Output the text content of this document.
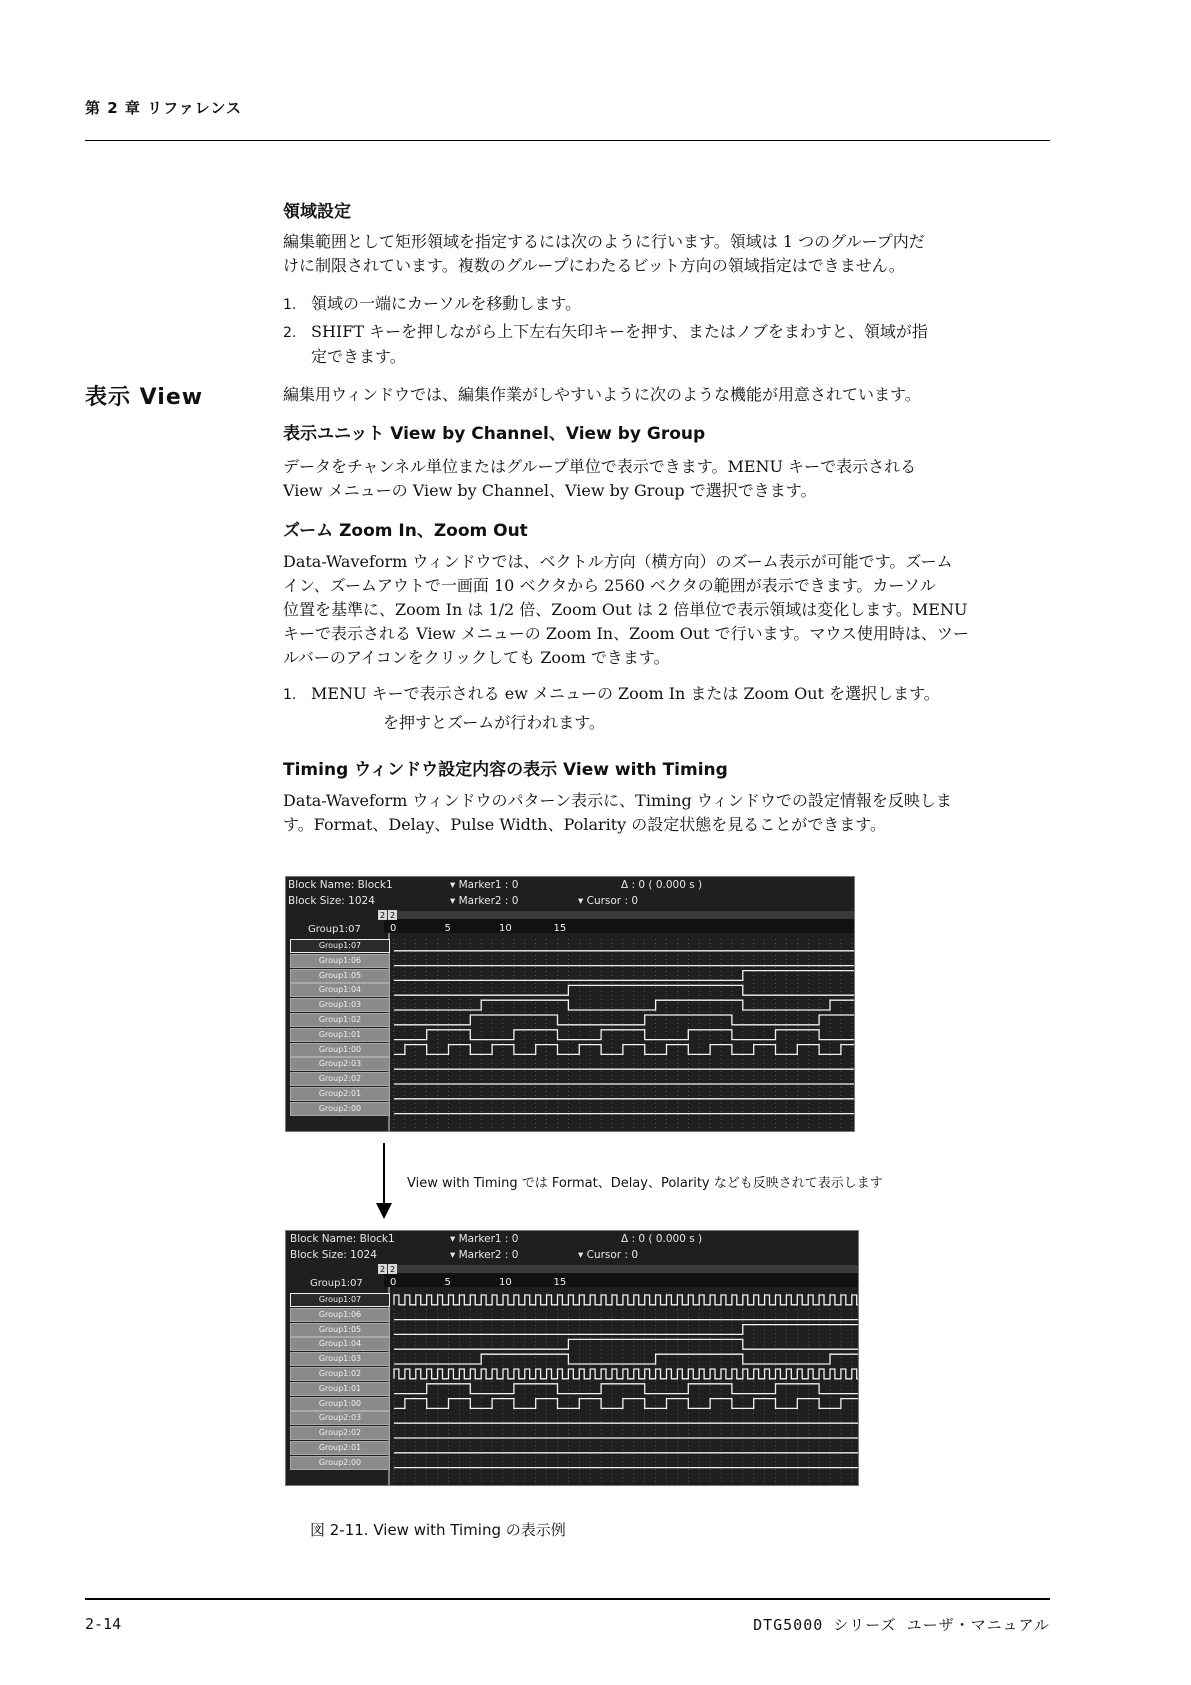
第 2 章 リファレンス
領域設定
編集範囲として矩形領域を指定するには次のように行います。領域は 1 つのグループ内だ
けに制限されています。複数のグループにわたるビット方向の領域指定はできません。
1. 領域の一端にカーソルを移動します。
2. SHIFT キーを押しながら上下左右矢印キーを押す、またはノブをまわすと、領域が指
定できます。
表示 View	編集用ウィンドウでは、編集作業がしやすいように次のような機能が用意されています。
表示ユニット View by Channel、View by Group
データをチャンネル単位またはグループ単位で表示できます。MENU キーで表示される
View メニューの View by Channel、View by Group で選択できます。
ズーム Zoom In、Zoom Out
Data-Waveform ウィンドウでは、ベクトル方向（横方向）のズーム表示が可能です。ズーム
イン、ズームアウトで一画面 10 ベクタから 2560 ベクタの範囲が表示できます。カーソル
位置を基準に、Zoom In は 1/2 倍、Zoom Out は 2 倍単位で表示領域は変化します。MENU
キーで表示される View メニューの Zoom In、Zoom Out で行います。マウス使用時は、ツー
ルバーのアイコンをクリックしても Zoom できます。
1. MENU キーで表示される ew メニューの Zoom In または Zoom Out を選択します。
を押すとズームが行われます。
Timing ウィンドウ設定内容の表示 View with Timing
Data-Waveform ウィンドウのパターン表示に、Timing ウィンドウでの設定情報を反映しま
す。Format、Delay、Pulse Width、Polarity の設定状態を見ることができます。
Block Name: Block1
Block Size: 1024
▾ Marker1 : 0
▾ Marker2 : 0
Δ : 0 ( 0.000 s )
▾ Cursor : 0
Group1:07
2 2
0	5	10	15
Group1:07
Group1:06
Group1:05
Group1:04
Group1:03
Group1:02
Group1:01
Group1:00
Group2:03
Group2:02
Group2:01
Group2:00
View with Timing では Format、Delay、Polarity なども反映されて表示します
Block Name: Block1
Block Size: 1024
▾ Marker1 : 0
▾ Marker2 : 0
Δ : 0 ( 0.000 s )
▾ Cursor : 0
Group1:07
2 2
0	5	10	15
Group1:07
Group1:06
Group1:05
Group1:04
Group1:03
Group1:02
Group1:01
Group1:00
Group2:03
Group2:02
Group2:01
Group2:00
図 2-11. View with Timing の表示例
2-14	DTG5000 シリーズ ユーザ・マニュアル
